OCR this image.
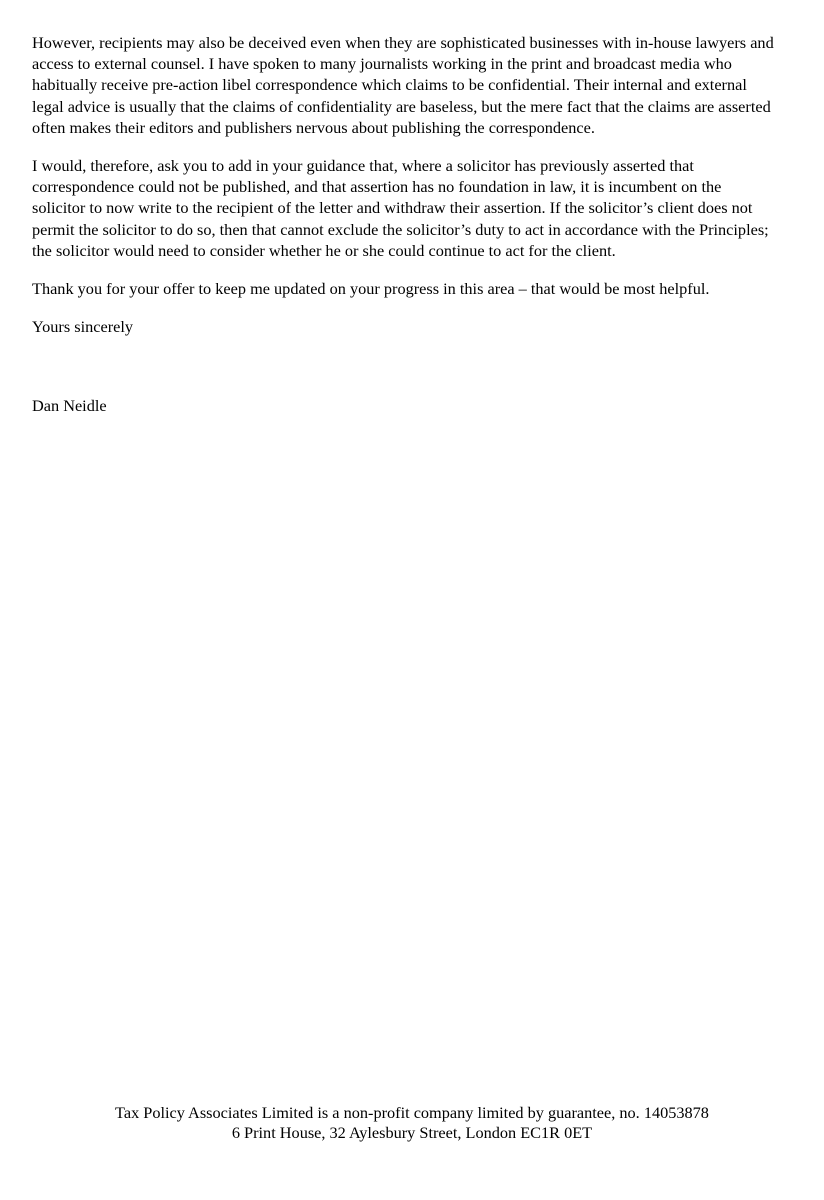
However, recipients may also be deceived even when they are sophisticated businesses with in-house lawyers and access to external counsel. I have spoken to many journalists working in the print and broadcast media who habitually receive pre-action libel correspondence which claims to be confidential. Their internal and external legal advice is usually that the claims of confidentiality are baseless, but the mere fact that the claims are asserted often makes their editors and publishers nervous about publishing the correspondence.

I would, therefore, ask you to add in your guidance that, where a solicitor has previously asserted that correspondence could not be published, and that assertion has no foundation in law, it is incumbent on the solicitor to now write to the recipient of the letter and withdraw their assertion. If the solicitor’s client does not permit the solicitor to do so, then that cannot exclude the solicitor’s duty to act in accordance with the Principles; the solicitor would need to consider whether he or she could continue to act for the client.

Thank you for your offer to keep me updated on your progress in this area – that would be most helpful.

Yours sincerely

Dan Neidle

Tax Policy Associates Limited is a non-profit company limited by guarantee, no. 14053878
6 Print House, 32 Aylesbury Street, London EC1R 0ET
